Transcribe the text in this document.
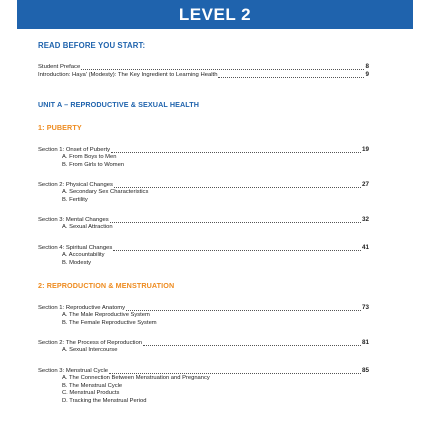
LEVEL 2
READ BEFORE YOU START:
Student Preface	8
Introduction: Haya' (Modesty): The Key Ingredient to Learning Health	9
UNIT A – REPRODUCTIVE & SEXUAL HEALTH
1: PUBERTY
Section 1: Onset of Puberty	19
A. From Boys to Men
B. From Girls to Women
Section 2: Physical Changes	27
A. Secondary Sex Characteristics
B. Fertility
Section 3: Mental Changes	32
A. Sexual Attraction
Section 4: Spiritual Changes	41
A. Accountability
B. Modesty
2: REPRODUCTION & MENSTRUATION
Section 1: Reproductive Anatomy	73
A. The Male Reproductive System
B. The Female Reproductive System
Section 2: The Process of Reproduction	81
A. Sexual Intercourse
Section 3: Menstrual Cycle	85
A. The Connection Between Menstruation and Pregnancy
B. The Menstrual Cycle
C. Menstrual Products
D. Tracking the Menstrual Period
